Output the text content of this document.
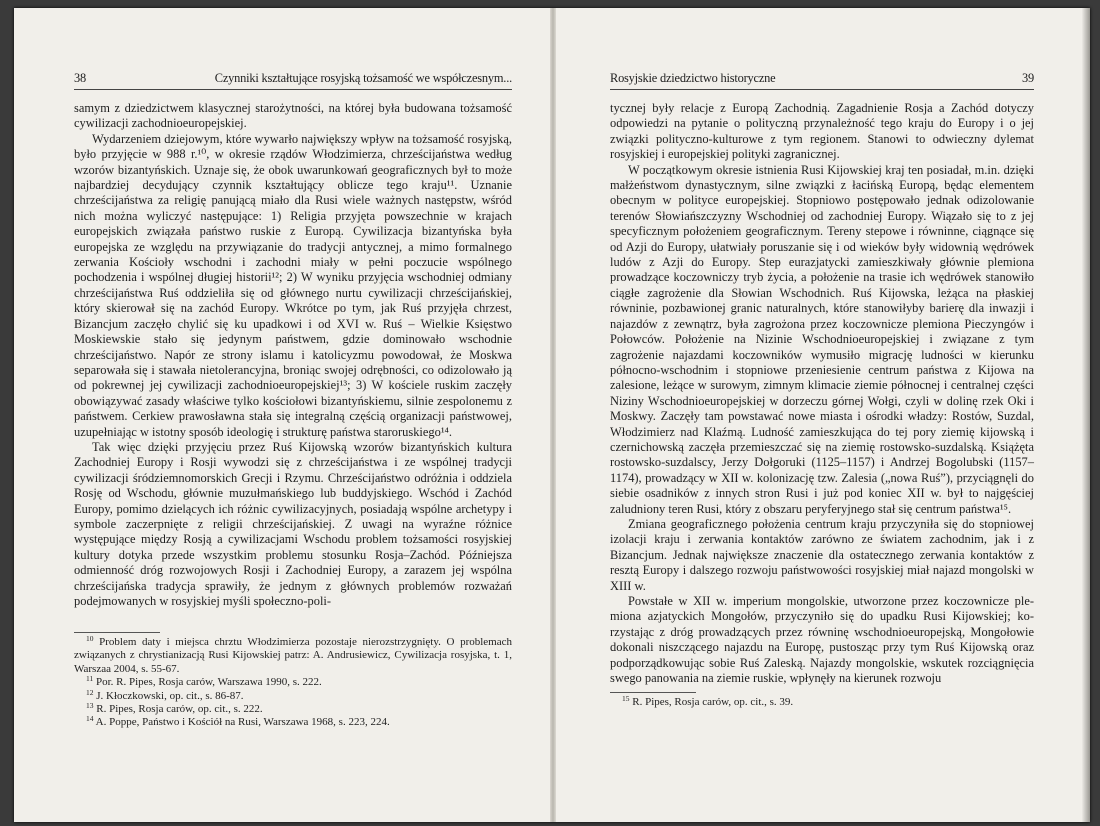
38	Czynniki kształtujące rosyjską tożsamość we współczesnym...

samym z dziedzictwem klasycznej starożytności, na której była budowana tożsamość cywilizacji zachodnioeuropejskiej.

Wydarzeniem dziejowym, które wywarło największy wpływ na tożsamość rosyjską, było przyjęcie w 988 r.¹⁰, w okresie rządów Włodzimierza, chrześcijaństwa według wzorów bizantyńskich. Uznaje się, że obok uwarunkowań geograficznych był to może najbardziej decydujący czynnik kształtujący oblicze tego kraju¹¹. Uznanie chrześcijaństwa za religię panującą miało dla Rusi wiele ważnych następstw, wśród nich można wyliczyć następujące: 1) Religia przyjęta powszechnie w krajach europejskich związała państwo ruskie z Europą. Cywilizacja bizantyńska była europejska ze względu na przywiązanie do tradycji antycznej, a mimo formalnego zerwania Kościoły wschodni i zachodni miały w pełni poczucie wspólnego pochodzenia i wspólnej długiej historii¹²; 2) W wyniku przyjęcia wschodniej odmiany chrześcijaństwa Ruś oddzieliła się od głównego nurtu cywilizacji chrześcijańskiej, który skierował się na zachód Europy. Wkrótce po tym, jak Ruś przyjęła chrzest, Bizancjum zaczęło chylić się ku upadkowi i od XVI w. Ruś – Wielkie Księstwo Moskiewskie stało się jedynym państwem, gdzie dominowało wschodnie chrześcijaństwo. Napór ze strony islamu i katolicyzmu powodował, że Moskwa separowała się i stawała nietolerancyjna, broniąc swojej odrębności, co odizolowało ją od pokrewnej jej cywilizacji zachodnioeuropejskiej¹³; 3) W kościele ruskim zaczęły obowiązywać zasady właściwe tylko kościołowi bizantyńskiemu, silnie zespolonemu z państwem. Cerkiew prawosławna stała się integralną częścią organizacji państwowej, uzupełniając w istotny sposób ideologię i strukturę państwa staroruskiego¹⁴.

Tak więc dzięki przyjęciu przez Ruś Kijowską wzorów bizantyńskich kultura Zachodniej Europy i Rosji wywodzi się z chrześcijaństwa i ze wspólnej tradycji cywilizacji śródziemnomorskich Grecji i Rzymu. Chrześcijaństwo odróżnia i oddziela Rosję od Wschodu, głównie muzułmańskiego lub buddyjskiego. Wschód i Zachód Europy, pomimo dzielących ich różnic cywilizacyjnych, posiadają wspólne archetypy i symbole zaczerpnięte z religii chrześcijańskiej. Z uwagi na wyraźne różnice występujące między Rosją a cywilizacjami Wschodu problem tożsamości rosyjskiej kultury dotyka przede wszystkim problemu stosunku Rosja–Zachód. Późniejsza odmienność dróg rozwojowych Rosji i Zachodniej Europy, a zarazem jej wspólna chrześcijańska tradycja sprawiły, że jednym z głównych problemów rozważań podejmowanych w rosyjskiej myśli społeczno-poli-

$^{10}$ Problem daty i miejsca chrztu Włodzimierza pozostaje nierozstrzygnięty. O problemach związanych z chrystianizacją Rusi Kijowskiej patrz: A. Andrusiewicz, Cywilizacja rosyjska, t. 1, Warszaa 2004, s. 55-67.

$^{11}$ Por. R. Pipes, Rosja carów, Warszawa 1990, s. 222.

$^{12}$ J. Kłoczkowski, op. cit., s. 86-87.

$^{13}$ R. Pipes, Rosja carów, op. cit., s. 222.

$^{14}$ A. Poppe, Państwo i Kościół na Rusi, Warszawa 1968, s. 223, 224.

Rosyjskie dziedzictwo historyczne	39

tycznej były relacje z Europą Zachodnią. Zagadnienie Rosja a Zachód dotyczy odpowiedzi na pytanie o polityczną przynależność tego kraju do Europy i o jej związki polityczno-kulturowe z tym regionem. Stanowi to odwieczny dylemat rosyjskiej i europejskiej polityki zagranicznej.

W początkowym okresie istnienia Rusi Kijowskiej kraj ten posiadał, m.in. dzięki małżeństwom dynastycznym, silne związki z łacińską Europą, będąc elementem obecnym w polityce europejskiej. Stopniowo postępowało jednak odizolowanie terenów Słowiańszczyzny Wschodniej od zachodniej Europy. Wiązało się to z jej specyficznym położeniem geograficznym. Tereny stepowe i równinne, ciągnące się od Azji do Europy, ułatwiały poruszanie się i od wieków były widownią wędrówek ludów z Azji do Europy. Step eurazjatycki zamieszkiwały głównie plemiona prowadzące koczowniczy tryb życia, a położenie na trasie ich wędrówek stanowiło ciągłe zagrożenie dla Słowian Wschodnich. Ruś Kijowska, leżąca na płaskiej równinie, pozbawionej granic naturalnych, które stanowiłyby barierę dla inwazji i najazdów z zewnątrz, była zagrożona przez koczownicze plemiona Pieczyngów i Połowców. Położenie na Nizinie Wschodnioeuropejskiej i związane z tym zagrożenie najazdami koczowników wymusiło migrację ludności w kierunku północno-wschodnim i stopniowe przeniesienie centrum państwa z Kijowa na zalesione, leżące w surowym, zimnym klimacie ziemie północnej i centralnej części Niziny Wschodnioeuropejskiej w dorzeczu górnej Wołgi, czyli w dolinę rzek Oki i Moskwy. Zaczęły tam powstawać nowe miasta i ośrodki władzy: Rostów, Suzdal, Włodzimierz nad Klaźmą. Ludność zamieszkująca do tej pory ziemię kijowską i czernichowską zaczęła przemieszczać się na ziemię rostowsko-suzdalską. Książęta rostowsko-suzdalscy, Jerzy Dołgoruki (1125–1157) i Andrzej Bogolubski (1157–1174), prowadzący w XII w. kolonizację tzw. Zalesia („nowa Ruś”), przyciągnęli do siebie osadników z innych stron Rusi i już pod koniec XII w. był to najgęściej zaludniony teren Rusi, który z obszaru peryferyjnego stał się centrum państwa¹⁵.

Zmiana geograficznego położenia centrum kraju przyczyniła się do stopniowej izolacji kraju i zerwania kontaktów zarówno ze światem zachodnim, jak i z Bizancjum. Jednak największe znaczenie dla ostatecznego zerwania kontaktów z resztą Europy i dalszego rozwoju państwowości rosyjskiej miał najazd mongolski w XIII w.

Powstałe w XII w. imperium mongolskie, utworzone przez koczownicze plemiona azjatyckich Mongołów, przyczyniło się do upadku Rusi Kijowskiej; korzystając z dróg prowadzących przez równinę wschodnioeuropejską, Mongołowie dokonali niszczącego najazdu na Europę, pustosząc przy tym Ruś Kijowską oraz podporządkowując sobie Ruś Zaleską. Najazdy mongolskie, wskutek rozciągnięcia swego panowania na ziemie ruskie, wpłynęły na kierunek rozwoju

$^{15}$ R. Pipes, Rosja carów, op. cit., s. 39.
